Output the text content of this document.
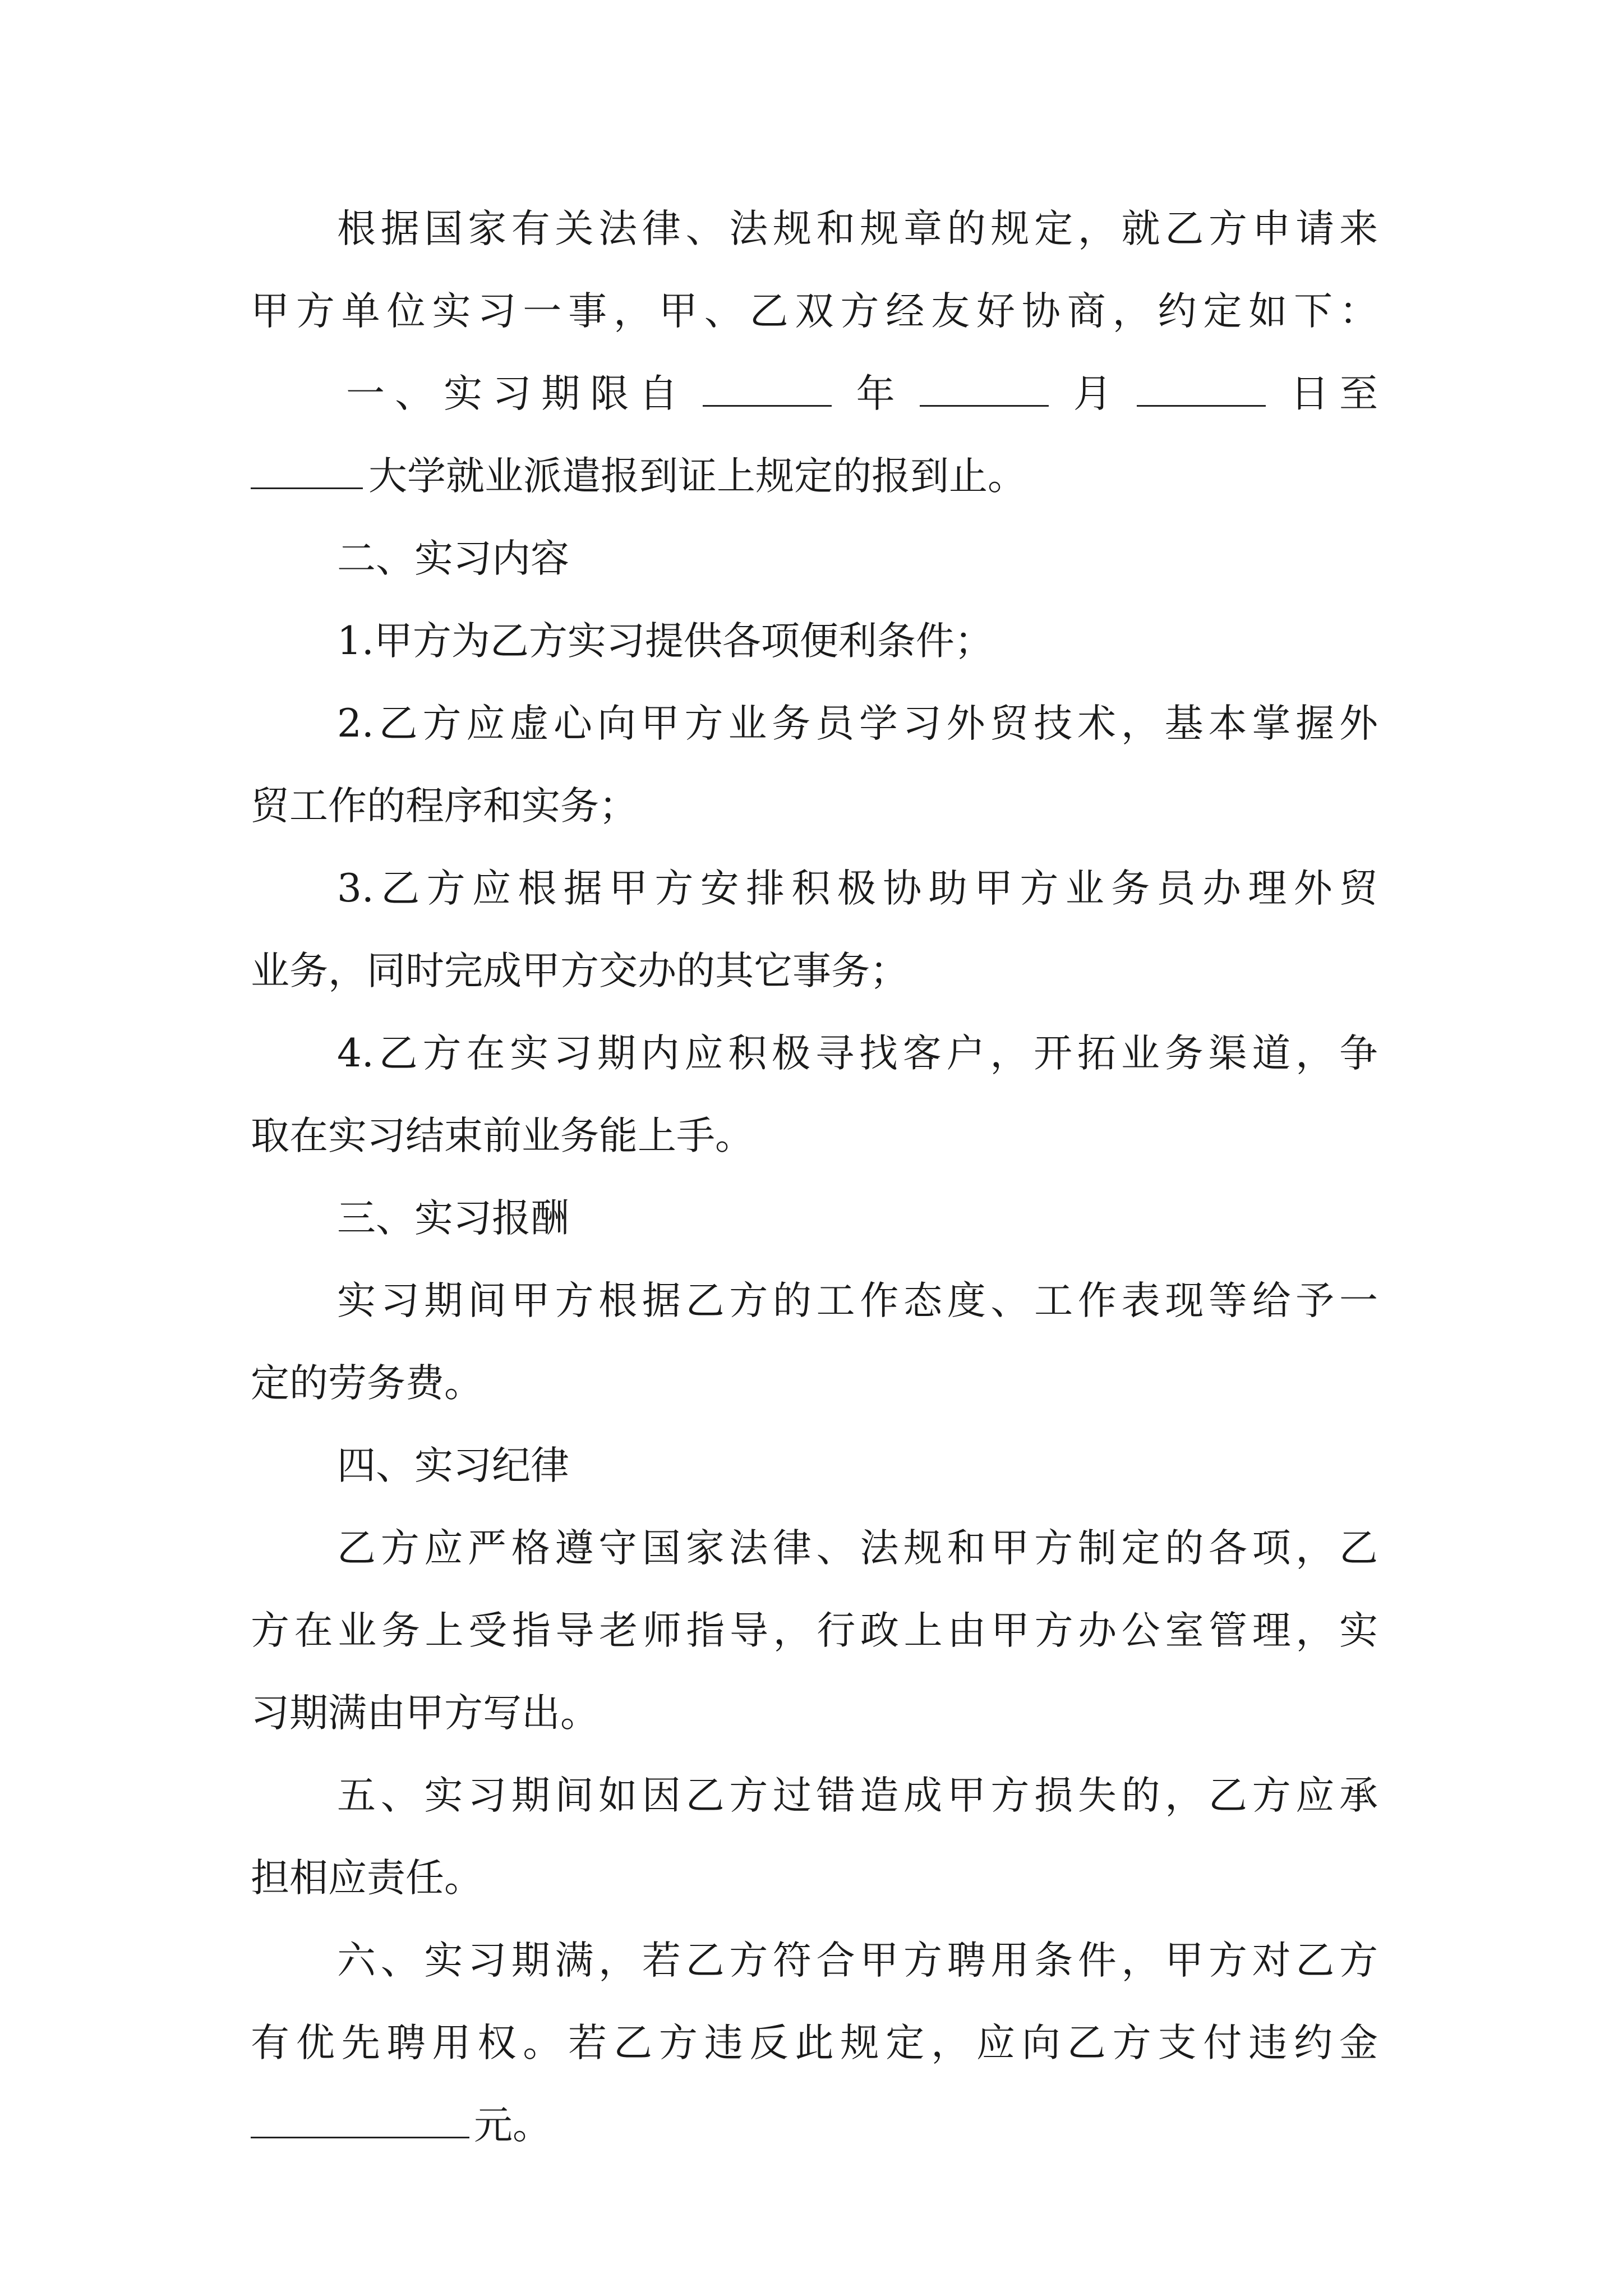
根据国家有关法律、法规和规章的规定，就乙方申请来
甲方单位实习一事，甲、乙双方经友好协商，约定如下：
一、实习期限自	年	月	日至
大学就业派遣报到证上规定的报到止。
二、实习内容
1.甲方为乙方实习提供各项便利条件；
2.乙方应虚心向甲方业务员学习外贸技术，基本掌握外
贸工作的程序和实务；
3.乙方应根据甲方安排积极协助甲方业务员办理外贸
业务，同时完成甲方交办的其它事务；
4.乙方在实习期内应积极寻找客户，开拓业务渠道，争
取在实习结束前业务能上手。
三、实习报酬
实习期间甲方根据乙方的工作态度、工作表现等给予一
定的劳务费。
四、实习纪律
乙方应严格遵守国家法律、法规和甲方制定的各项，乙
方在业务上受指导老师指导，行政上由甲方办公室管理，实
习期满由甲方写出。
五、实习期间如因乙方过错造成甲方损失的，乙方应承
担相应责任。
六、实习期满，若乙方符合甲方聘用条件，甲方对乙方
有优先聘用权。若乙方违反此规定，应向乙方支付违约金
元。
